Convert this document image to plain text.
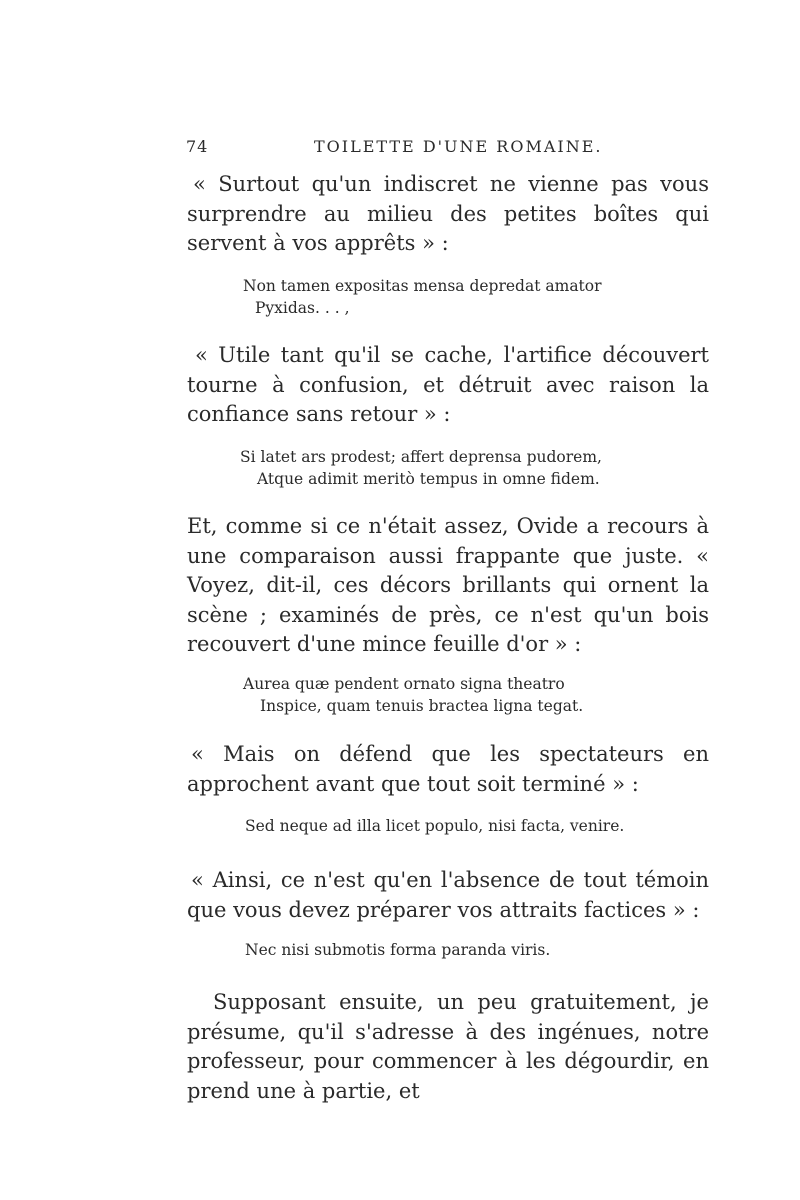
74	TOILETTE D'UNE ROMAINE.

« Surtout qu'un indiscret ne vienne pas vous surprendre au milieu des petites boîtes qui servent à vos apprêts » :

Non tamen expositas mensa depredat amator
Pyxidas. . . ,

« Utile tant qu'il se cache, l'artifice découvert tourne à confusion, et détruit avec raison la confiance sans retour » :

Si latet ars prodest; affert deprensa pudorem,
Atque adimit meritò tempus in omne fidem.

Et, comme si ce n'était assez, Ovide a recours à une comparaison aussi frappante que juste. « Voyez, dit-il, ces décors brillants qui ornent la scène ; examinés de près, ce n'est qu'un bois recouvert d'une mince feuille d'or » :

Aurea quæ pendent ornato signa theatro
Inspice, quam tenuis bractea ligna tegat.

« Mais on défend que les spectateurs en approchent avant que tout soit terminé » :

Sed neque ad illa licet populo, nisi facta, venire.

« Ainsi, ce n'est qu'en l'absence de tout témoin que vous devez préparer vos attraits factices » :

Nec nisi submotis forma paranda viris.

Supposant ensuite, un peu gratuitement, je présume, qu'il s'adresse à des ingénues, notre professeur, pour commencer à les dégourdir, en prend une à partie, et
